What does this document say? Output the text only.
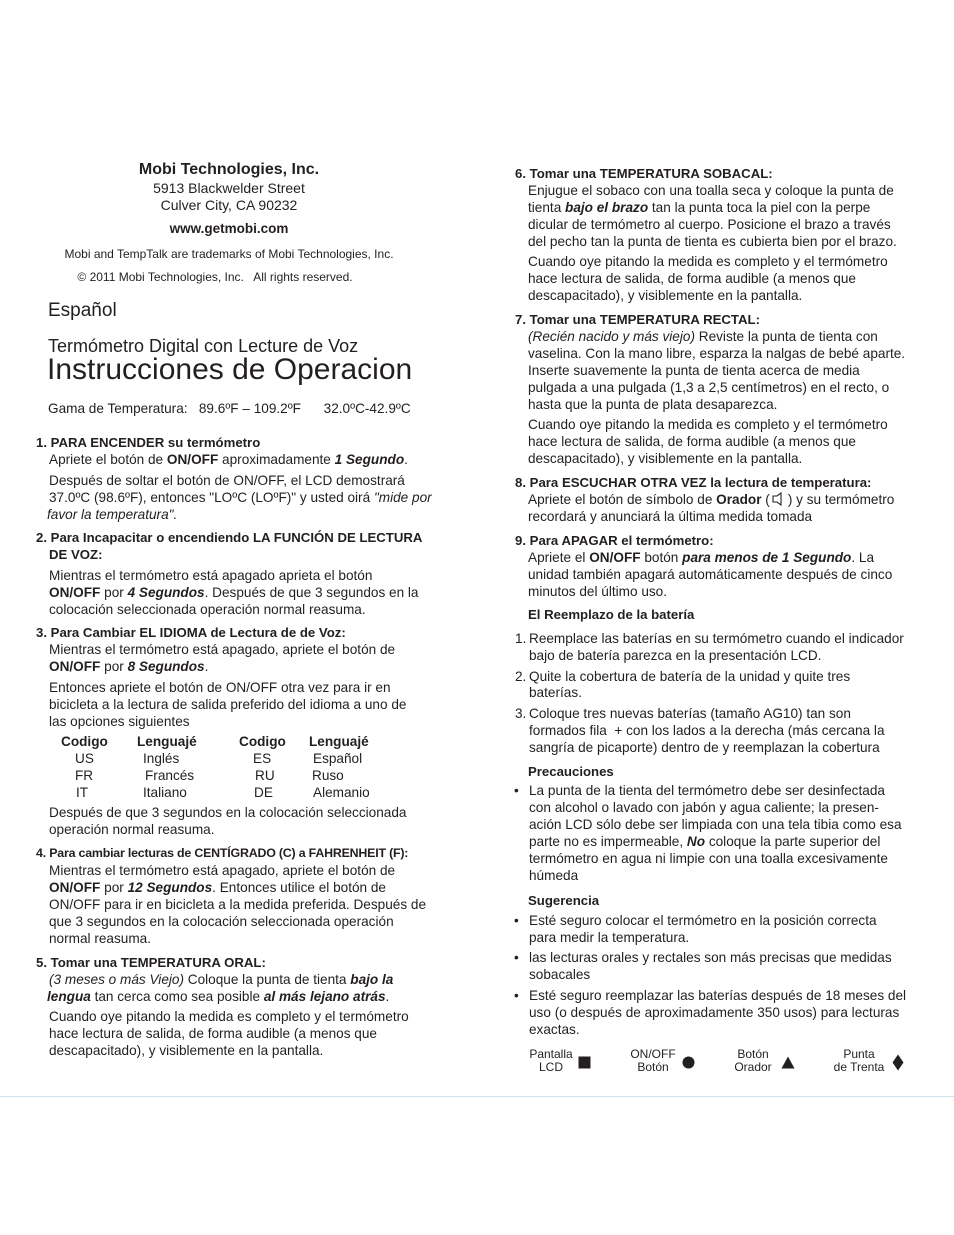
Mobi Technologies, Inc.
5913 Blackwelder Street
Culver City, CA 90232
www.getmobi.com
Mobi and TempTalk are trademarks of Mobi Technologies, Inc.
© 2011 Mobi Technologies, Inc.   All rights reserved.
Español
Termómetro Digital con Lecture de Voz
Instrucciones de Operacion
Gama de Temperatura:   89.6ºF – 109.2ºF      32.0ºC-42.9ºC
1. PARA ENCENDER su termómetro
Apriete el botón de ON/OFF aproximadamente 1 Segundo.
Después de soltar el botón de ON/OFF, el LCD demostrará
37.0ºC (98.6ºF), entonces "LOºC (LOºF)" y usted oirá "mide por
favor la temperatura".
2. Para Incapacitar o encendiendo LA FUNCIÓN DE LECTURA
DE VOZ:
Mientras el termómetro está apagado aprieta el botón
ON/OFF por 4 Segundos. Después de que 3 segundos en la
colocación seleccionada operación normal reasuma.
3. Para Cambiar EL IDIOMA de Lectura de de Voz:
Mientras el termómetro está apagado, apriete el botón de
ON/OFF por 8 Segundos.
Entonces apriete el botón de ON/OFF otra vez para ir en
bicicleta a la lectura de salida preferido del idioma a uno de
las opciones siguientes
Codigo Lenguajé	Codigo Lenguajé
US	Inglés	ES	Español
FR	Francés	RU	Ruso
IT	Italiano	DE	Alemanio
Después de que 3 segundos en la colocación seleccionada
operación normal reasuma.
4. Para cambiar lecturas de CENTÍGRADO (C) a FAHRENHEIT (F):
Mientras el termómetro está apagado, apriete el botón de
ON/OFF por 12 Segundos. Entonces utilice el botón de
ON/OFF para ir en bicicleta a la medida preferida. Después de
que 3 segundos en la colocación seleccionada operación
normal reasuma.
5. Tomar una TEMPERATURA ORAL:
(3 meses o más Viejo) Coloque la punta de tienta bajo la
lengua tan cerca como sea posible al más lejano atrás.
Cuando oye pitando la medida es completo y el termómetro
hace lectura de salida, de forma audible (a menos que
descapacitado), y visiblemente en la pantalla.
6. Tomar una TEMPERATURA SOBACAL:
Enjugue el sobaco con una toalla seca y coloque la punta de
tienta bajo el brazo tan la punta toca la piel con la perpe
dicular de termómetro al cuerpo. Posicione el brazo a través
del pecho tan la punta de tienta es cubierta bien por el brazo.
Cuando oye pitando la medida es completo y el termómetro
hace lectura de salida, de forma audible (a menos que
descapacitado), y visiblemente en la pantalla.
7. Tomar una TEMPERATURA RECTAL:
(Recién nacido y más viejo) Reviste la punta de tienta con
vaselina. Con la mano libre, esparza la nalgas de bebé aparte.
Inserte suavemente la punta de tienta acerca de media
pulgada a una pulgada (1,3 a 2,5 centímetros) en el recto, o
hasta que la punta de plata desaparezca.
Cuando oye pitando la medida es completo y el termómetro
hace lectura de salida, de forma audible (a menos que
descapacitado), y visiblemente en la pantalla.
8. Para ESCUCHAR OTRA VEZ la lectura de temperatura:
Apriete el botón de símbolo de Orador ( ) y su termómetro
recordará y anunciará la última medida tomada
9. Para APAGAR el termómetro:
Apriete el ON/OFF botón para menos de 1 Segundo. La
unidad también apagará automáticamente después de cinco
minutos del último uso.
El Reemplazo de la batería
1. Reemplace las baterías en su termómetro cuando el indicador
bajo de batería parezca en la presentación LCD.
2. Quite la cobertura de batería de la unidad y quite tres
baterías.
3. Coloque tres nuevas baterías (tamaño AG10) tan son
formados fila  + con los lados a la derecha (más cercana la
sangría de picaporte) dentro de y reemplazan la cobertura
Precauciones
• La punta de la tienta del termómetro debe ser desinfectada
con alcohol o lavado con jabón y agua caliente; la presen-
ación LCD sólo debe ser limpiada con una tela tibia como esa
parte no es impermeable, No coloque la parte superior del
termómetro en agua ni limpie con una toalla excesivamente
húmeda
Sugerencia
• Esté seguro colocar el termómetro en la posición correcta
para medir la temperatura.
• las lecturas orales y rectales son más precisas que medidas
sobacales
• Esté seguro reemplazar las baterías después de 18 meses del
uso (o después de aproximadamente 350 usos) para lecturas
exactas.
Pantalla
LCD
ON/OFF
Botón
Botón
Orador
Punta
de Trenta
